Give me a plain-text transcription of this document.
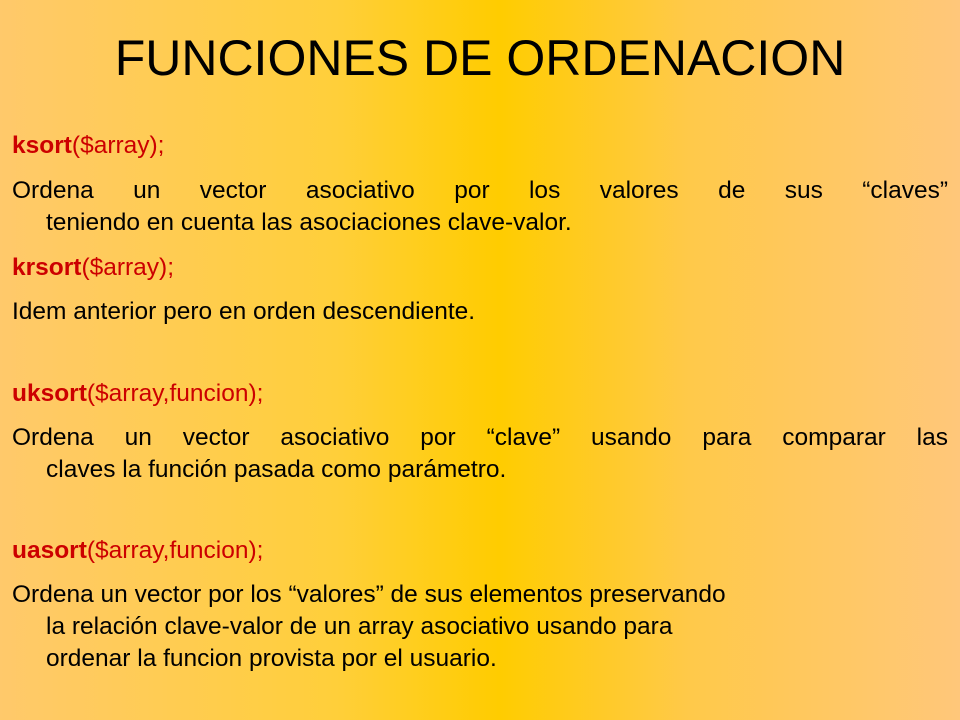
FUNCIONES DE ORDENACION

ksort($array);

Ordena un vector asociativo por los valores de sus “claves”

teniendo en cuenta las asociaciones clave-valor.

krsort($array);

Idem anterior pero en orden descendiente.

uksort($array,funcion);

Ordena un vector asociativo por “clave” usando para comparar las

claves la función pasada como parámetro.

uasort($array,funcion);

Ordena un vector por los “valores” de sus elementos preservando

la relación clave-valor de un array asociativo usando para

ordenar la funcion provista por el usuario.
